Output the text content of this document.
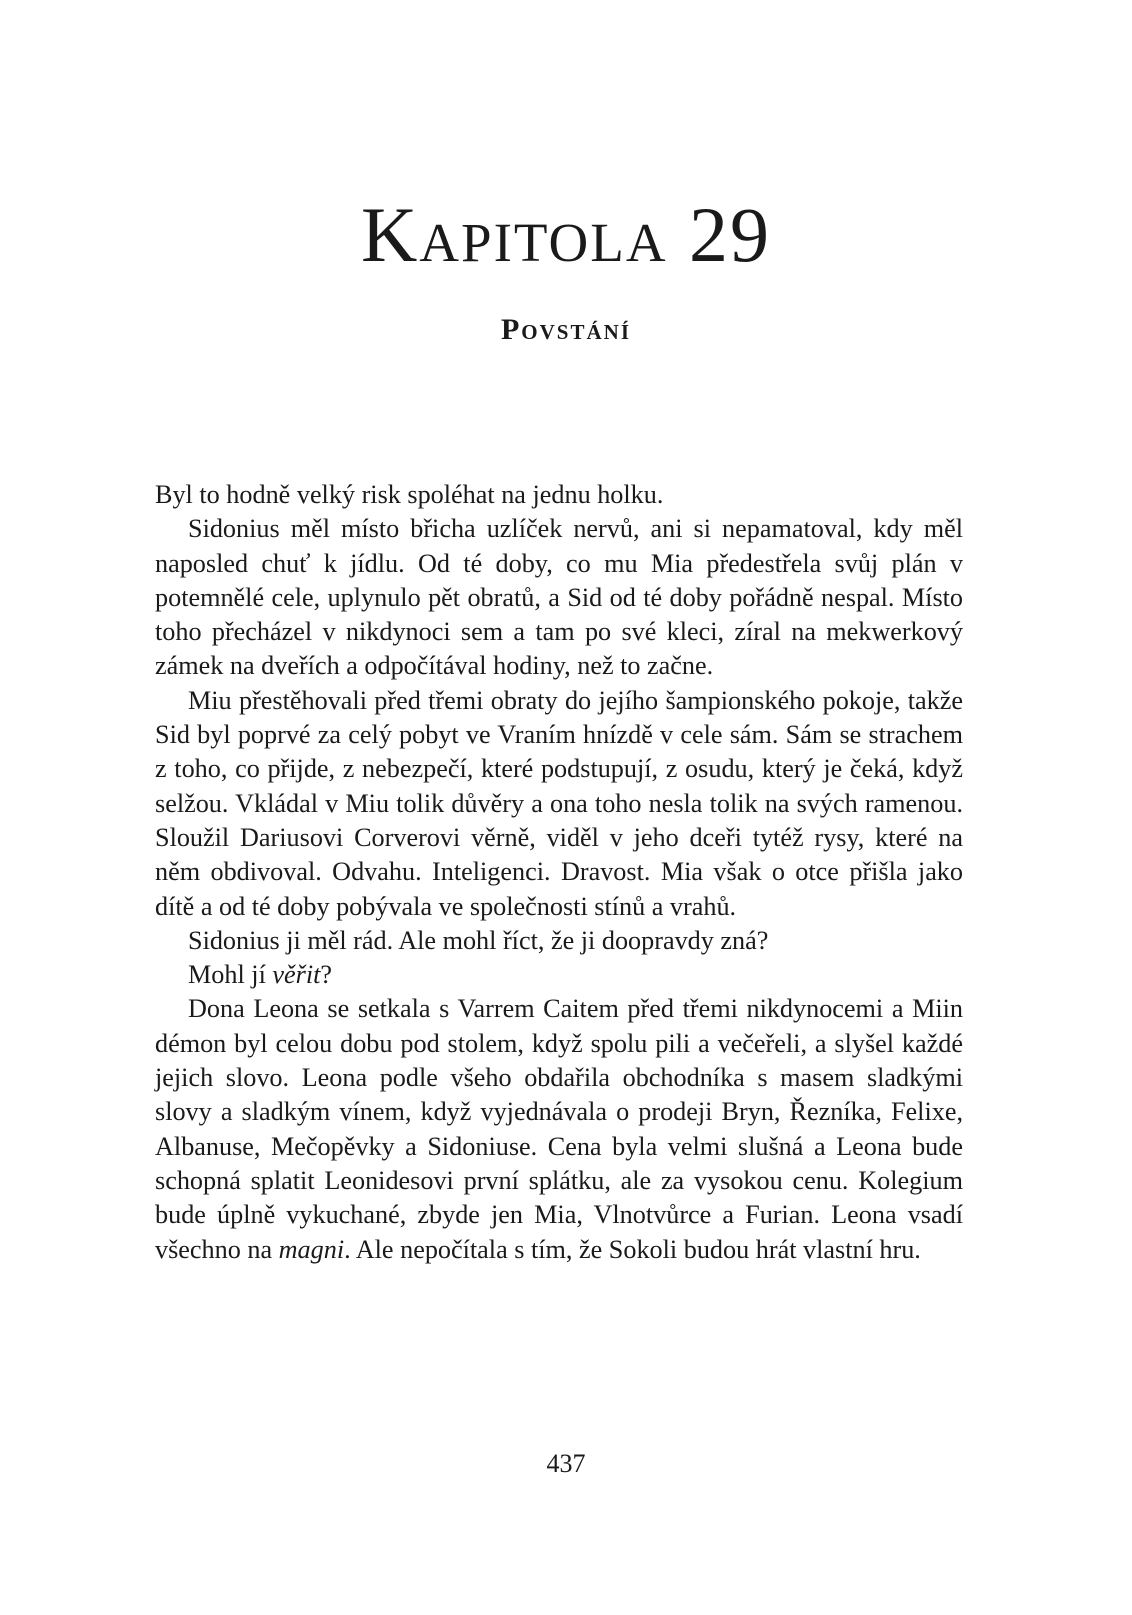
Kapitola 29
Povstání

Byl to hodně velký risk spoléhat na jednu holku.

Sidonius měl místo břicha uzlíček nervů, ani si nepamatoval, kdy měl naposled chuť k jídlu. Od té doby, co mu Mia předestřela svůj plán v potemnělé cele, uplynulo pět obratů, a Sid od té doby pořádně nespal. Místo toho přecházel v nikdynoci sem a tam po své kleci, zíral na mekwerkový zámek na dveřích a odpočítával hodiny, než to začne.

Miu přestěhovali před třemi obraty do jejího šampionského pokoje, takže Sid byl poprvé za celý pobyt ve Vraním hnízdě v cele sám. Sám se strachem z toho, co přijde, z nebezpečí, které podstupují, z osudu, který je čeká, když selžou. Vkládal v Miu tolik důvěry a ona toho nesla tolik na svých ramenou. Sloužil Dariusovi Corverovi věrně, viděl v jeho dceři tytéž rysy, které na něm obdivoval. Odvahu. Inteligenci. Dravost. Mia však o otce přišla jako dítě a od té doby pobývala ve společnosti stínů a vrahů.

Sidonius ji měl rád. Ale mohl říct, že ji doopravdy zná?

Mohl jí věřit?

Dona Leona se setkala s Varrem Caitem před třemi nikdynocemi a Miin démon byl celou dobu pod stolem, když spolu pili a večeřeli, a slyšel každé jejich slovo. Leona podle všeho obdařila obchodníka s masem sladkými slovy a sladkým vínem, když vyjednávala o prodeji Bryn, Řezníka, Felixe, Albanuse, Mečopěvky a Sidoniuse. Cena byla velmi slušná a Leona bude schopná splatit Leonidesovi první splátku, ale za vysokou cenu. Kolegium bude úplně vykuchané, zbyde jen Mia, Vlnotvůrce a Furian. Leona vsadí všechno na magni. Ale nepočítala s tím, že Sokoli budou hrát vlastní hru.

437
